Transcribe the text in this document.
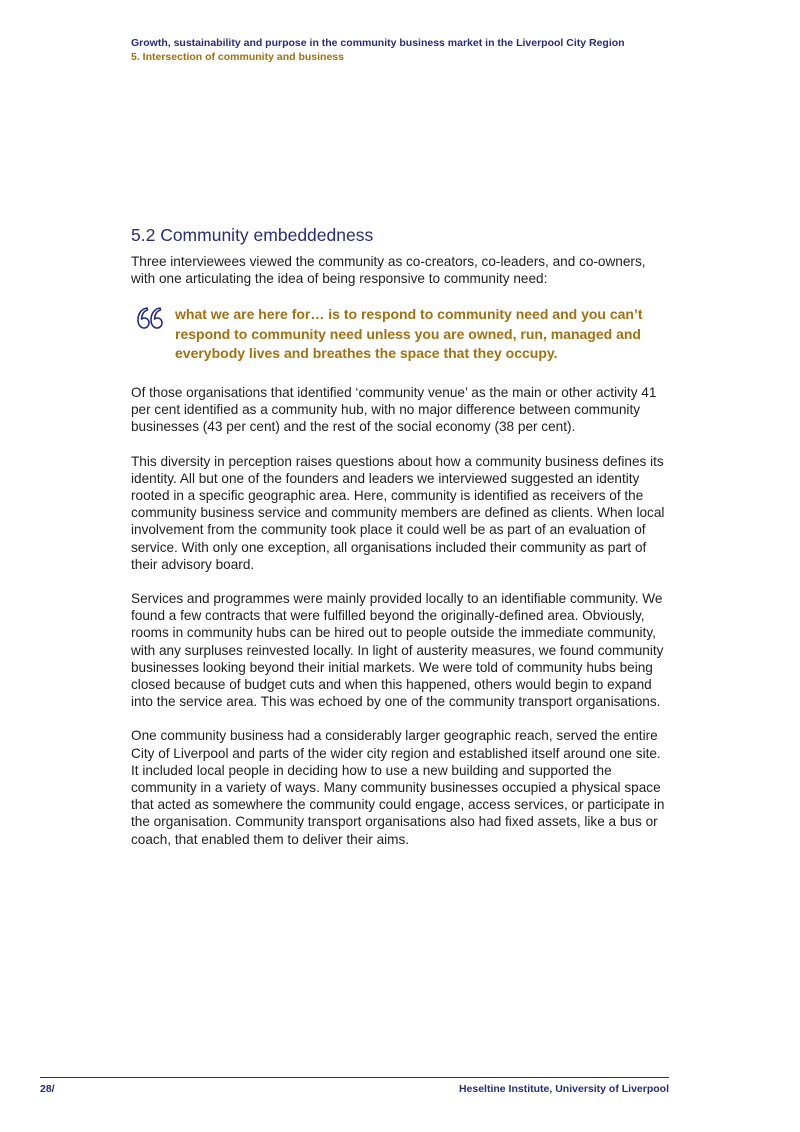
Growth, sustainability and purpose in the community business market in the Liverpool City Region
5. Intersection of community and business
5.2 Community embeddedness

Three interviewees viewed the community as co-creators, co-leaders, and co-owners, with one articulating the idea of being responsive to community need:

what we are here for… is to respond to community need and you can’t respond to community need unless you are owned, run, managed and everybody lives and breathes the space that they occupy.

Of those organisations that identified ‘community venue’ as the main or other activity 41 per cent identified as a community hub, with no major difference between community businesses (43 per cent) and the rest of the social economy (38 per cent).

This diversity in perception raises questions about how a community business defines its identity. All but one of the founders and leaders we interviewed suggested an identity rooted in a specific geographic area. Here, community is identified as receivers of the community business service and community members are defined as clients. When local involvement from the community took place it could well be as part of an evaluation of service. With only one exception, all organisations included their community as part of their advisory board.

Services and programmes were mainly provided locally to an identifiable community. We found a few contracts that were fulfilled beyond the originally-defined area. Obviously, rooms in community hubs can be hired out to people outside the immediate community, with any surpluses reinvested locally. In light of austerity measures, we found community businesses looking beyond their initial markets. We were told of community hubs being closed because of budget cuts and when this happened, others would begin to expand into the service area. This was echoed by one of the community transport organisations.

One community business had a considerably larger geographic reach, served the entire City of Liverpool and parts of the wider city region and established itself around one site. It included local people in deciding how to use a new building and supported the community in a variety of ways. Many community businesses occupied a physical space that acted as somewhere the community could engage, access services, or participate in the organisation. Community transport organisations also had fixed assets, like a bus or coach, that enabled them to deliver their aims.

28/	Heseltine Institute, University of Liverpool
